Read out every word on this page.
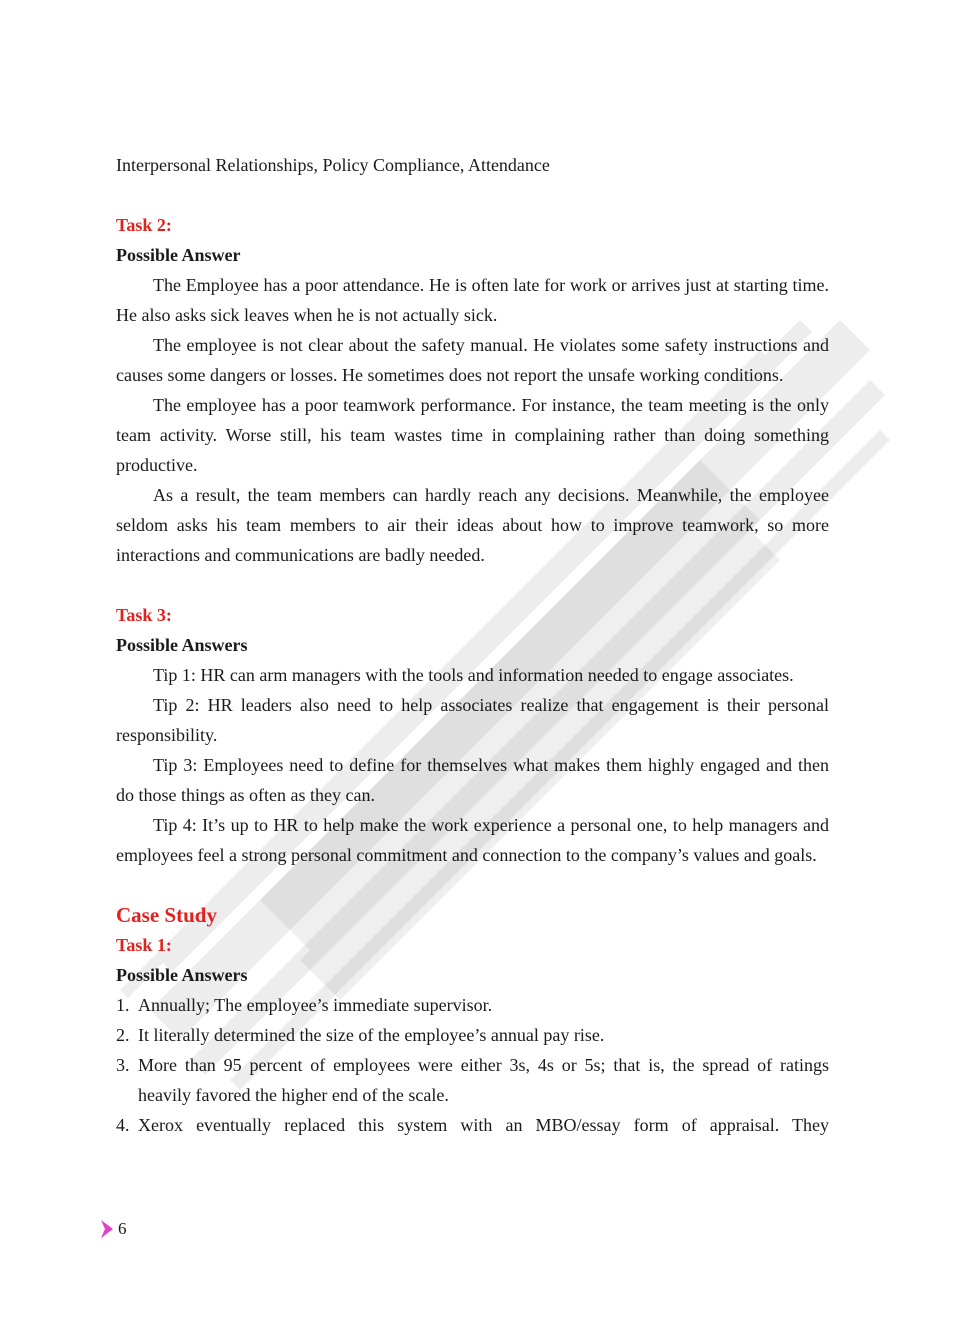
Interpersonal Relationships, Policy Compliance, Attendance

Task 2:

Possible Answer

The Employee has a poor attendance. He is often late for work or arrives just at starting time. He also asks sick leaves when he is not actually sick.

The employee is not clear about the safety manual. He violates some safety instructions and causes some dangers or losses. He sometimes does not report the unsafe working conditions.

The employee has a poor teamwork performance. For instance, the team meeting is the only team activity. Worse still, his team wastes time in complaining rather than doing something productive.

As a result, the team members can hardly reach any decisions. Meanwhile, the employee seldom asks his team members to air their ideas about how to improve teamwork, so more interactions and communications are badly needed.

Task 3:

Possible Answers

Tip 1: HR can arm managers with the tools and information needed to engage associates.

Tip 2: HR leaders also need to help associates realize that engagement is their personal responsibility.

Tip 3: Employees need to define for themselves what makes them highly engaged and then do those things as often as they can.

Tip 4: It’s up to HR to help make the work experience a personal one, to help managers and employees feel a strong personal commitment and connection to the company’s values and goals.

Case Study

Task 1:

Possible Answers

1. Annually; The employee’s immediate supervisor.
2. It literally determined the size of the employee’s annual pay rise.
3. More than 95 percent of employees were either 3s, 4s or 5s; that is, the spread of ratings heavily favored the higher end of the scale.
4. Xerox eventually replaced this system with an MBO/essay form of appraisal. They
6
